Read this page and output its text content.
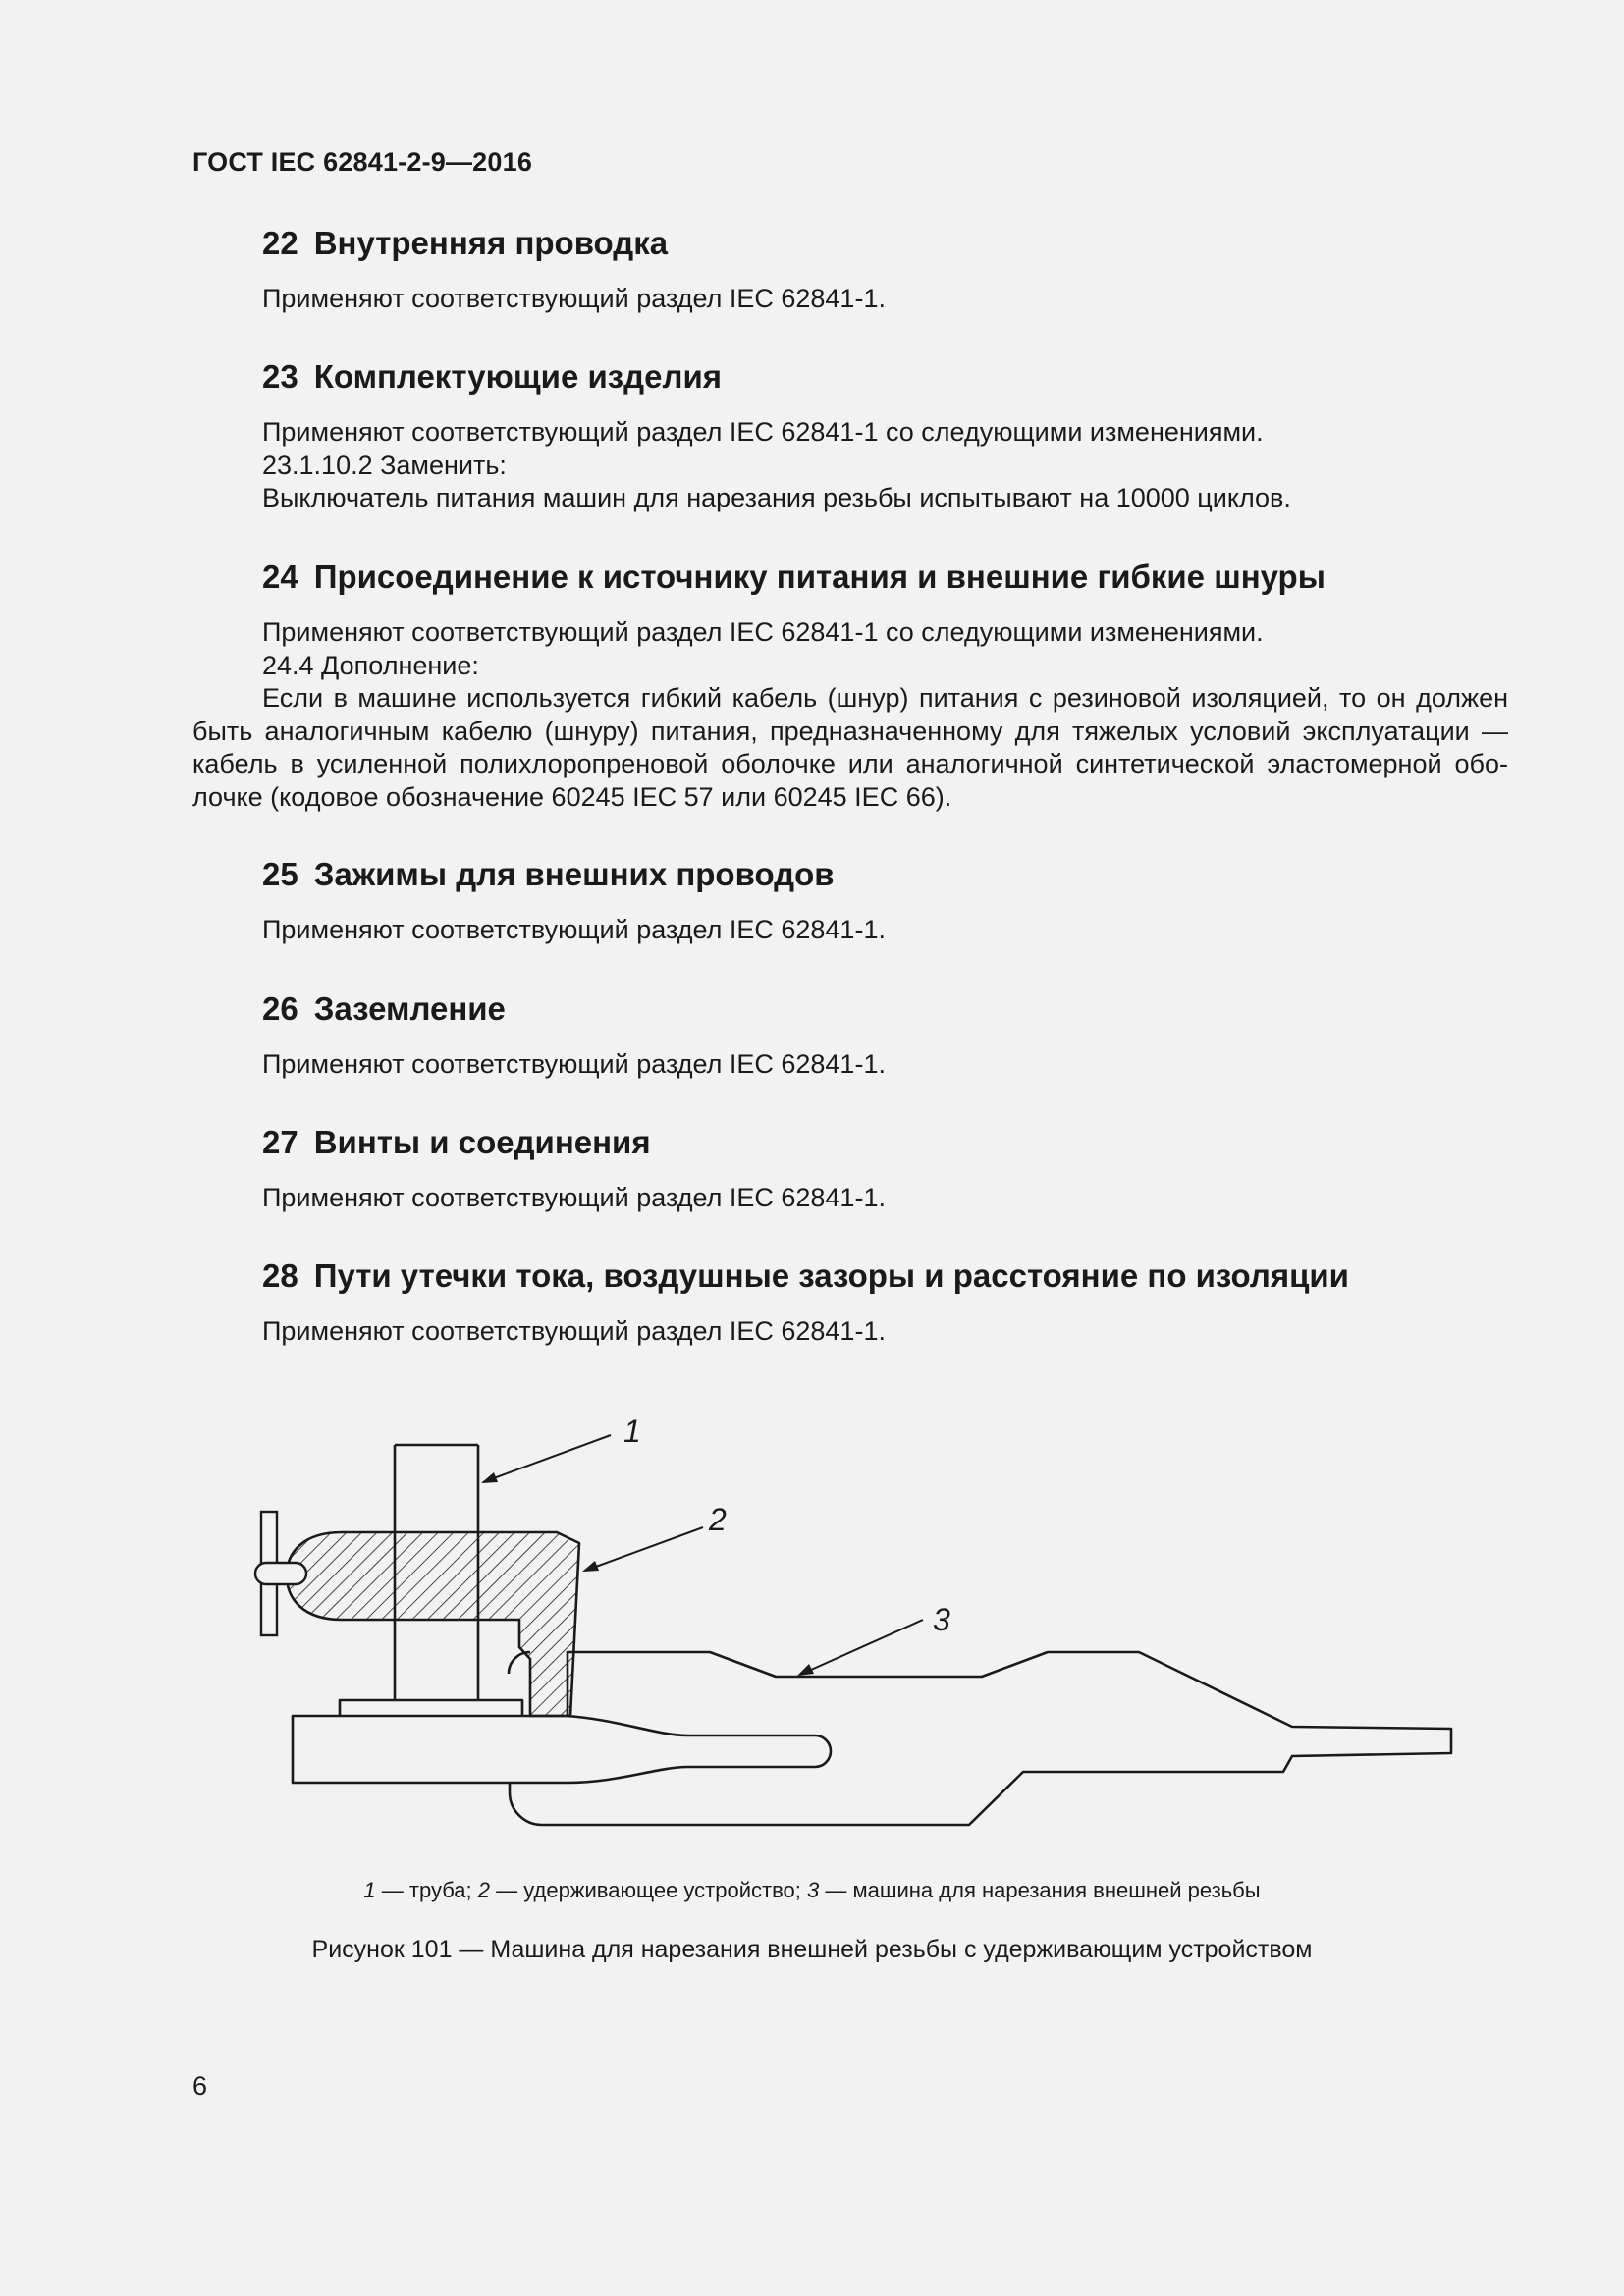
ГОСТ IEC 62841-2-9—2016
22 Внутренняя проводка

Применяют соответствующий раздел IEC 62841-1.

23 Комплектующие изделия

Применяют соответствующий раздел IEC 62841-1 со следующими изменениями.

23.1.10.2 Заменить:

Выключатель питания машин для нарезания резьбы испытывают на 10000 циклов.

24 Присоединение к источнику питания и внешние гибкие шнуры

Применяют соответствующий раздел IEC 62841-1 со следующими изменениями.

24.4 Дополнение:

Если в машине используется гибкий кабель (шнур) питания с резиновой изоляцией, то он должен быть аналогичным кабелю (шнуру) питания, предназначенному для тяжелых условий эксплуатации — кабель в усиленной полихлоропреновой оболочке или аналогичной синтетической эластомерной оболочке (кодовое обозначение 60245 IEC 57 или 60245 IEC 66).

25 Зажимы для внешних проводов

Применяют соответствующий раздел IEC 62841-1.

26 Заземление

Применяют соответствующий раздел IEC 62841-1.

27 Винты и соединения

Применяют соответствующий раздел IEC 62841-1.

28 Пути утечки тока, воздушные зазоры и расстояние по изоляции

Применяют соответствующий раздел IEC 62841-1.

1
2
3
1 — труба; 2 — удерживающее устройство; 3 — машина для нарезания внешней резьбы
Рисунок 101 — Машина для нарезания внешней резьбы с удерживающим устройством
6
